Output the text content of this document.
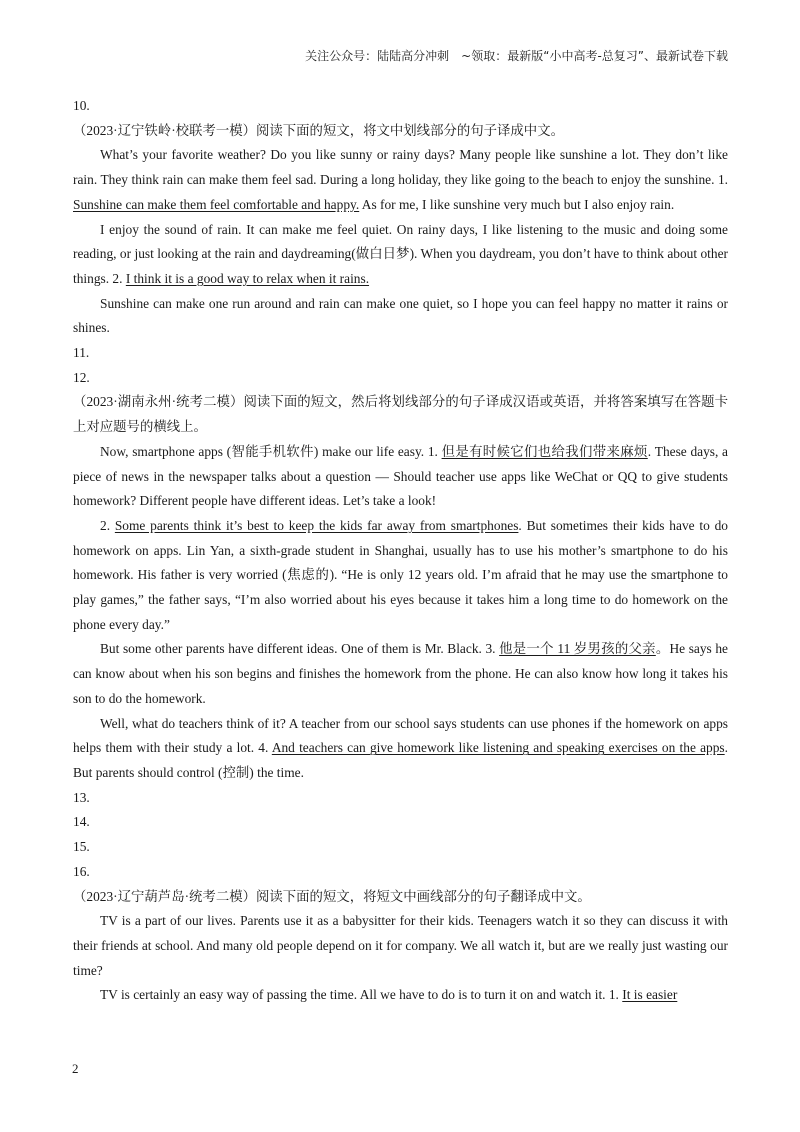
关注公众号：陆陆高分冲刺　~领取：最新版“小中高考-总复习”、最新试卷下载

10.

（2023·辽宁铁岭·校联考一模）阅读下面的短文，将文中划线部分的句子译成中文。

What’s your favorite weather? Do you like sunny or rainy days? Many people like sunshine a lot. They don’t like rain. They think rain can make them feel sad. During a long holiday, they like going to the beach to enjoy the sunshine. 1. Sunshine can make them feel comfortable and happy. As for me, I like sunshine very much but I also enjoy rain.

I enjoy the sound of rain. It can make me feel quiet. On rainy days, I like listening to the music and doing some reading, or just looking at the rain and daydreaming(做白日梦). When you daydream, you don’t have to think about other things. 2. I think it is a good way to relax when it rains.

Sunshine can make one run around and rain can make one quiet, so I hope you can feel happy no matter it rains or shines.

11.

12.

（2023·湖南永州·统考二模）阅读下面的短文，然后将划线部分的句子译成汉语或英语，并将答案填写在答题卡上对应题号的横线上。

Now, smartphone apps (智能手机软件) make our life easy. 1. 但是有时候它们也给我们带来麻烦. These days, a piece of news in the newspaper talks about a question — Should teacher use apps like WeChat or QQ to give students homework? Different people have different ideas. Let’s take a look!

2. Some parents think it’s best to keep the kids far away from smartphones. But sometimes their kids have to do homework on apps. Lin Yan, a sixth-grade student in Shanghai, usually has to use his mother’s smartphone to do his homework. His father is very worried (焦虑的). “He is only 12 years old. I’m afraid that he may use the smartphone to play games,” the father says, “I’m also worried about his eyes because it takes him a long time to do homework on the phone every day.”

But some other parents have different ideas. One of them is Mr. Black. 3. 他是一个 11 岁男孩的父亲。He says he can know about when his son begins and finishes the homework from the phone. He can also know how long it takes his son to do the homework.

Well, what do teachers think of it? A teacher from our school says students can use phones if the homework on apps helps them with their study a lot. 4. And teachers can give homework like listening and speaking exercises on the apps. But parents should control (控制) the time.

13.

14.

15.

16.

（2023·辽宁葫芦岛·统考二模）阅读下面的短文，将短文中画线部分的句子翻译成中文。

TV is a part of our lives. Parents use it as a babysitter for their kids. Teenagers watch it so they can discuss it with their friends at school. And many old people depend on it for company. We all watch it, but are we really just wasting our time?

TV is certainly an easy way of passing the time. All we have to do is to turn it on and watch it. 1. It is easier

2
